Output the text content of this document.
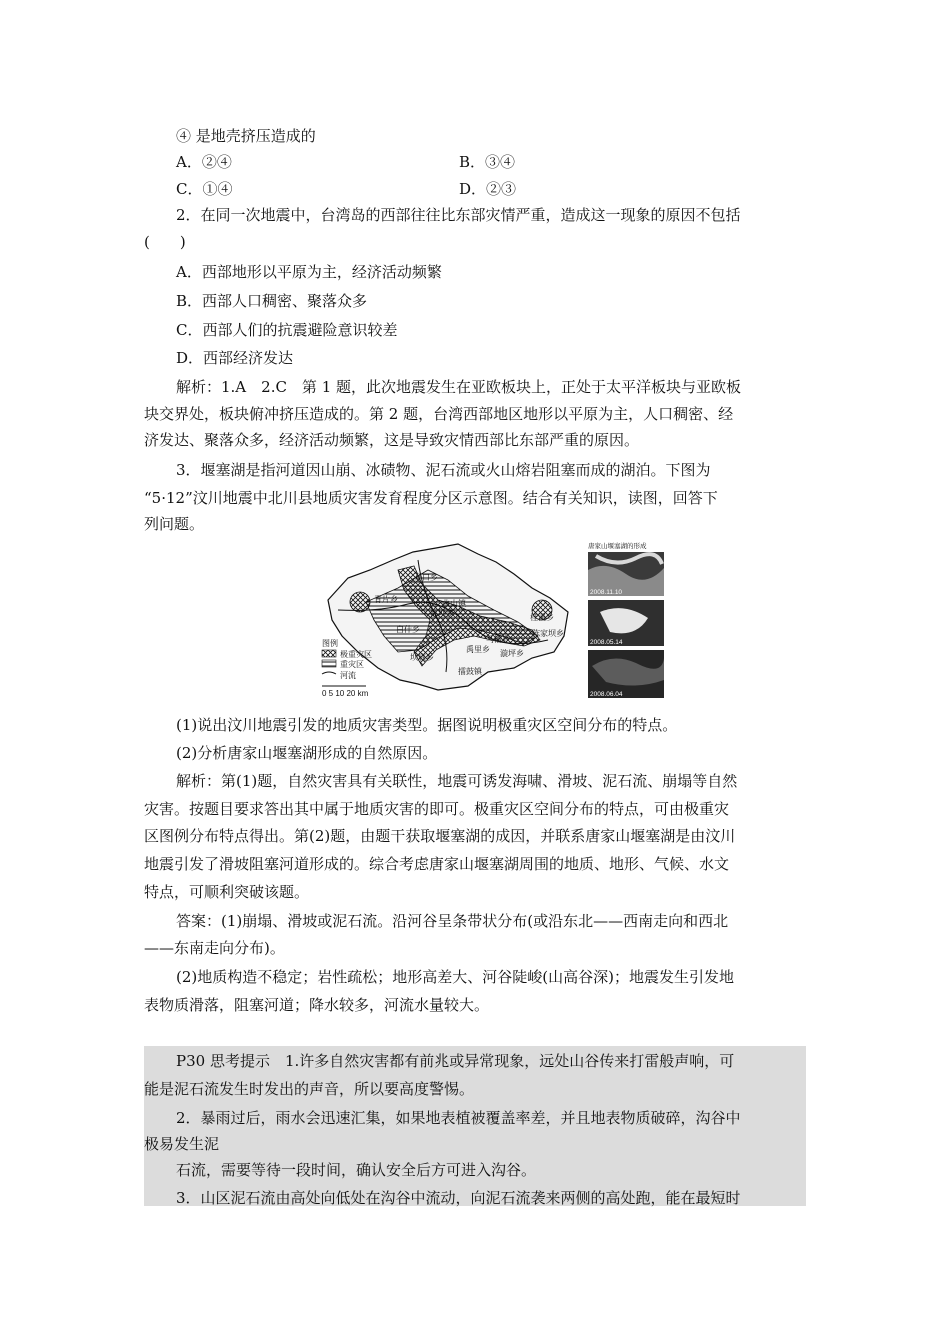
④ 是地壳挤压造成的
A．②④	B．③④
C．①④	D．②③
2．在同一次地震中，台湾岛的西部往往比东部灾情严重，造成这一现象的原因不包括
(　　)
A．西部地形以平原为主，经济活动频繁
B．西部人口稠密、聚落众多
C．西部人们的抗震避险意识较差
D．西部经济发达
解析：1.A　2.C　第 1 题，此次地震发生在亚欧板块上，正处于太平洋板块与亚欧板
块交界处，板块俯冲挤压造成的。第 2 题，台湾西部地区地形以平原为主，人口稠密、经
济发达、聚落众多，经济活动频繁，这是导致灾情西部比东部严重的原因。
3．堰塞湖是指河道因山崩、冰碛物、泥石流或火山熔岩阻塞而成的湖泊。下图为
“5·12”汶川地震中北川县地质灾害发育程度分区示意图。结合有关知识，读图，回答下
列问题。
开口乡
曲山镇
都坝乡
擂鼓镇
桂溪乡
陈家坝乡
漩坪乡
禹里乡
坝底乡
白什乡
青片乡
马槽乡
图例
极重灾区
重灾区
河流
0 5 10 20 km
唐家山堰塞湖的形成
2008.11.10
2008.05.14
2008.06.04
(1)说出汶川地震引发的地质灾害类型。据图说明极重灾区空间分布的特点。
(2)分析唐家山堰塞湖形成的自然原因。
解析：第(1)题，自然灾害具有关联性，地震可诱发海啸、滑坡、泥石流、崩塌等自然
灾害。按题目要求答出其中属于地质灾害的即可。极重灾区空间分布的特点，可由极重灾
区图例分布特点得出。第(2)题，由题干获取堰塞湖的成因，并联系唐家山堰塞湖是由汶川
地震引发了滑坡阻塞河道形成的。综合考虑唐家山堰塞湖周围的地质、地形、气候、水文
特点，可顺利突破该题。
答案：(1)崩塌、滑坡或泥石流。沿河谷呈条带状分布(或沿东北——西南走向和西北
——东南走向分布)。
(2)地质构造不稳定；岩性疏松；地形高差大、河谷陡峻(山高谷深)；地震发生引发地
表物质滑落，阻塞河道；降水较多，河流水量较大。
P30 思考提示　1.许多自然灾害都有前兆或异常现象，远处山谷传来打雷般声响，可
能是泥石流发生时发出的声音，所以要高度警惕。
2．暴雨过后，雨水会迅速汇集，如果地表植被覆盖率差，并且地表物质破碎，沟谷中
极易发生泥
石流，需要等待一段时间，确认安全后方可进入沟谷。
3．山区泥石流由高处向低处在沟谷中流动，向泥石流袭来两侧的高处跑，能在最短时
